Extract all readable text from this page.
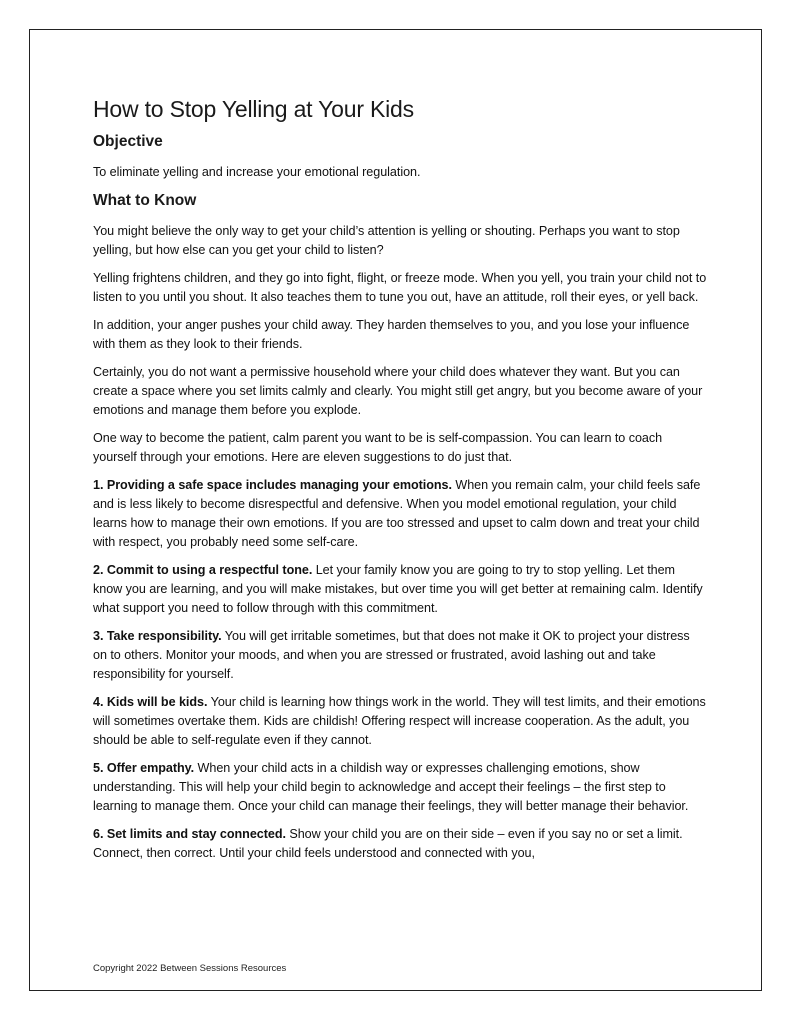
How to Stop Yelling at Your Kids
Objective

To eliminate yelling and increase your emotional regulation.

What to Know

You might believe the only way to get your child’s attention is yelling or shouting. Perhaps you want to stop yelling, but how else can you get your child to listen?

Yelling frightens children, and they go into fight, flight, or freeze mode. When you yell, you train your child not to listen to you until you shout. It also teaches them to tune you out, have an attitude, roll their eyes, or yell back.

In addition, your anger pushes your child away. They harden themselves to you, and you lose your influence with them as they look to their friends.

Certainly, you do not want a permissive household where your child does whatever they want. But you can create a space where you set limits calmly and clearly. You might still get angry, but you become aware of your emotions and manage them before you explode.

One way to become the patient, calm parent you want to be is self-compassion. You can learn to coach yourself through your emotions. Here are eleven suggestions to do just that.

1. Providing a safe space includes managing your emotions. When you remain calm, your child feels safe and is less likely to become disrespectful and defensive. When you model emotional regulation, your child learns how to manage their own emotions. If you are too stressed and upset to calm down and treat your child with respect, you probably need some self-care.

2. Commit to using a respectful tone. Let your family know you are going to try to stop yelling. Let them know you are learning, and you will make mistakes, but over time you will get better at remaining calm. Identify what support you need to follow through with this commitment.

3. Take responsibility. You will get irritable sometimes, but that does not make it OK to project your distress on to others. Monitor your moods, and when you are stressed or frustrated, avoid lashing out and take responsibility for yourself.

4. Kids will be kids. Your child is learning how things work in the world. They will test limits, and their emotions will sometimes overtake them. Kids are childish! Offering respect will increase cooperation. As the adult, you should be able to self-regulate even if they cannot.

5. Offer empathy. When your child acts in a childish way or expresses challenging emotions, show understanding. This will help your child begin to acknowledge and accept their feelings – the first step to learning to manage them. Once your child can manage their feelings, they will better manage their behavior.

6. Set limits and stay connected. Show your child you are on their side – even if you say no or set a limit. Connect, then correct. Until your child feels understood and connected with you,

Copyright 2022 Between Sessions Resources
